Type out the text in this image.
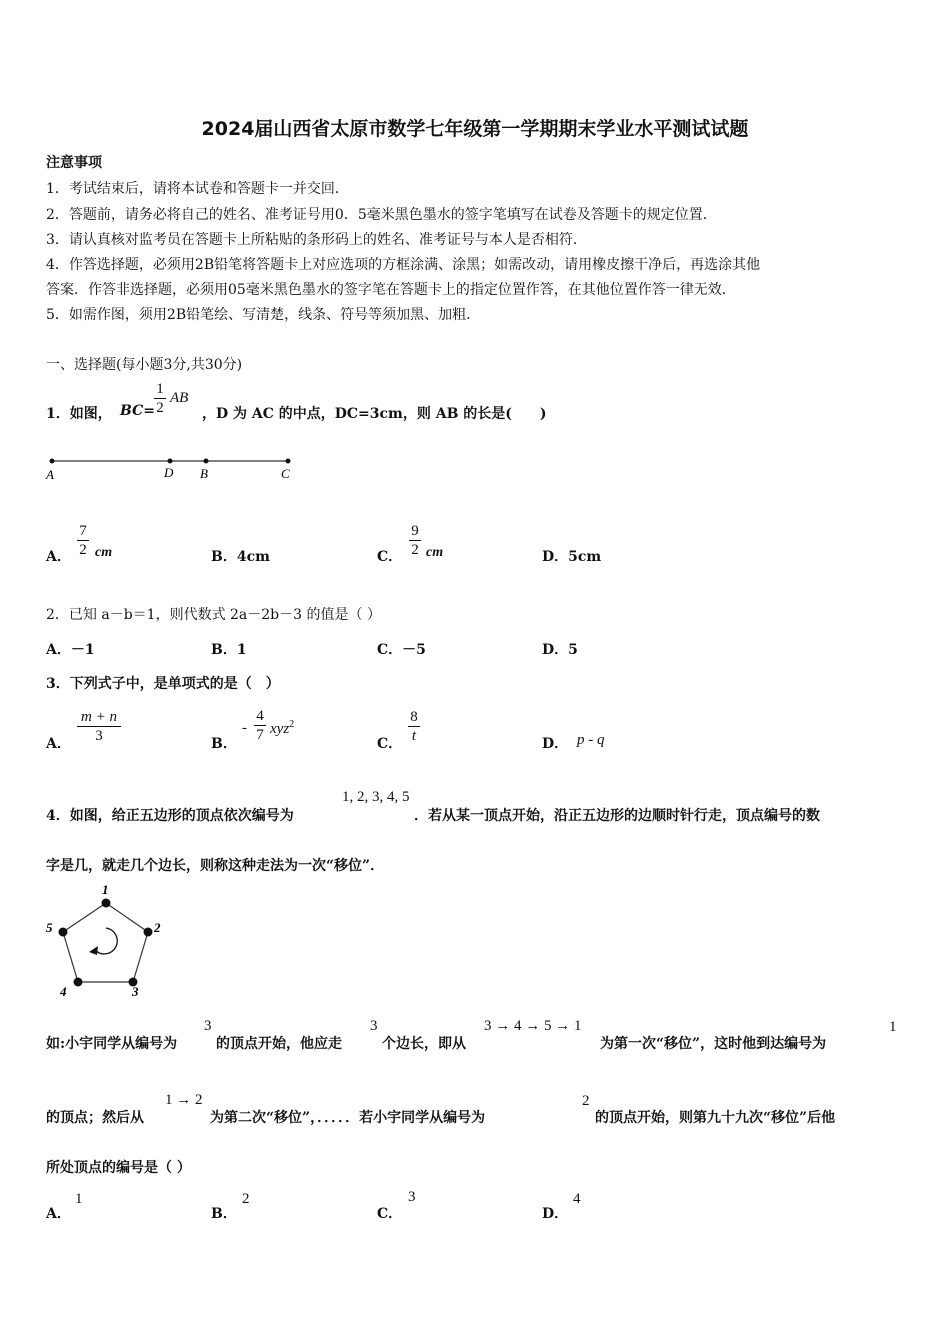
2024届山西省太原市数学七年级第一学期期末学业水平测试试题
注意事项
1．考试结束后，请将本试卷和答题卡一并交回．
2．答题前，请务必将自己的姓名、准考证号用0．5毫米黑色墨水的签字笔填写在试卷及答题卡的规定位置．
3．请认真核对监考员在答题卡上所粘贴的条形码上的姓名、准考证号与本人是否相符．
4．作答选择题，必须用2B铅笔将答题卡上对应选项的方框涂满、涂黑；如需改动，请用橡皮擦干净后，再选涂其他
答案．作答非选择题，必须用05毫米黑色墨水的签字笔在答题卡上的指定位置作答，在其他位置作答一律无效．
5．如需作图，须用2B铅笔绘、写清楚，线条、符号等须加黑、加粗．
一、选择题(每小题3分,共30分)
1．如图， BC=
1
2
AB
，D 为 AC 的中点，DC=3cm，则 AB 的长是(　　)
A	D B	C
A．
7
2 cm	B．4cm	C．
9
2 cm	D．5cm
2．已知 a－b＝1，则代数式 2a－2b－3 的值是（ ）
A．－1	B．1	C．－5	D．5
3．下列式子中，是单项式的是（　）
A．
m + n
3	B．
-
4
7 xyz$^2$
C．
8
t	D． p - q
4．如图，给正五边形的顶点依次编号为
1, 2, 3, 4, 5
．若从某一顶点开始，沿正五边形的边顺时针行走，顶点编号的数
字是几，就走几个边长，则称这种走法为一次“移位”．
1
2
3
4
5
如:小宇同学从编号为
3
的顶点开始，他应走
3
个边长，即从
3 → 4 → 5 → 1
为第一次“移位”，这时他到达编号为
1
的顶点；然后从
1 → 2
为第二次“移位”，．．．．．若小宇同学从编号为
2
的顶点开始，则第九十九次“移位”后他
所处顶点的编号是（ ）
A．
1
B．
2
C．
3
D．
4
